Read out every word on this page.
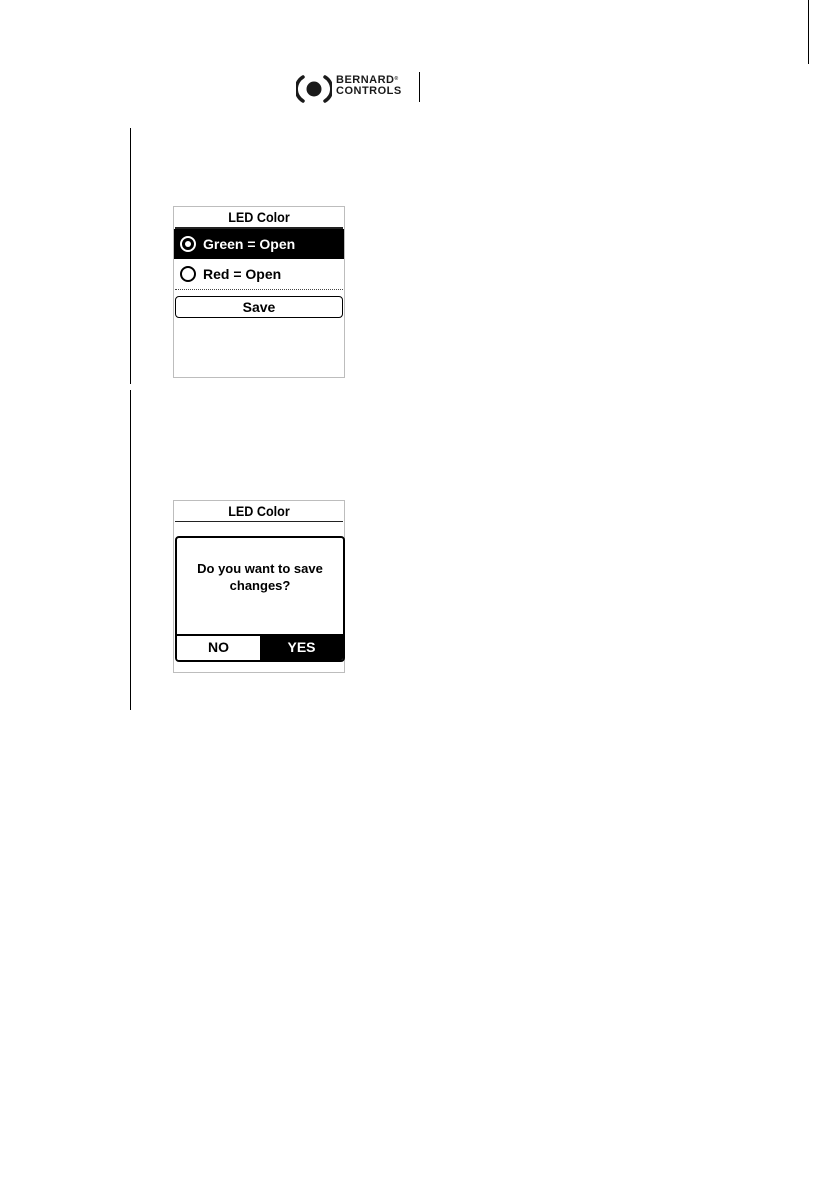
BERNARD®
CONTROLS
LED Color
Green = Open
Red = Open
Save
LED Color
Do you want to save changes?
NO	YES
